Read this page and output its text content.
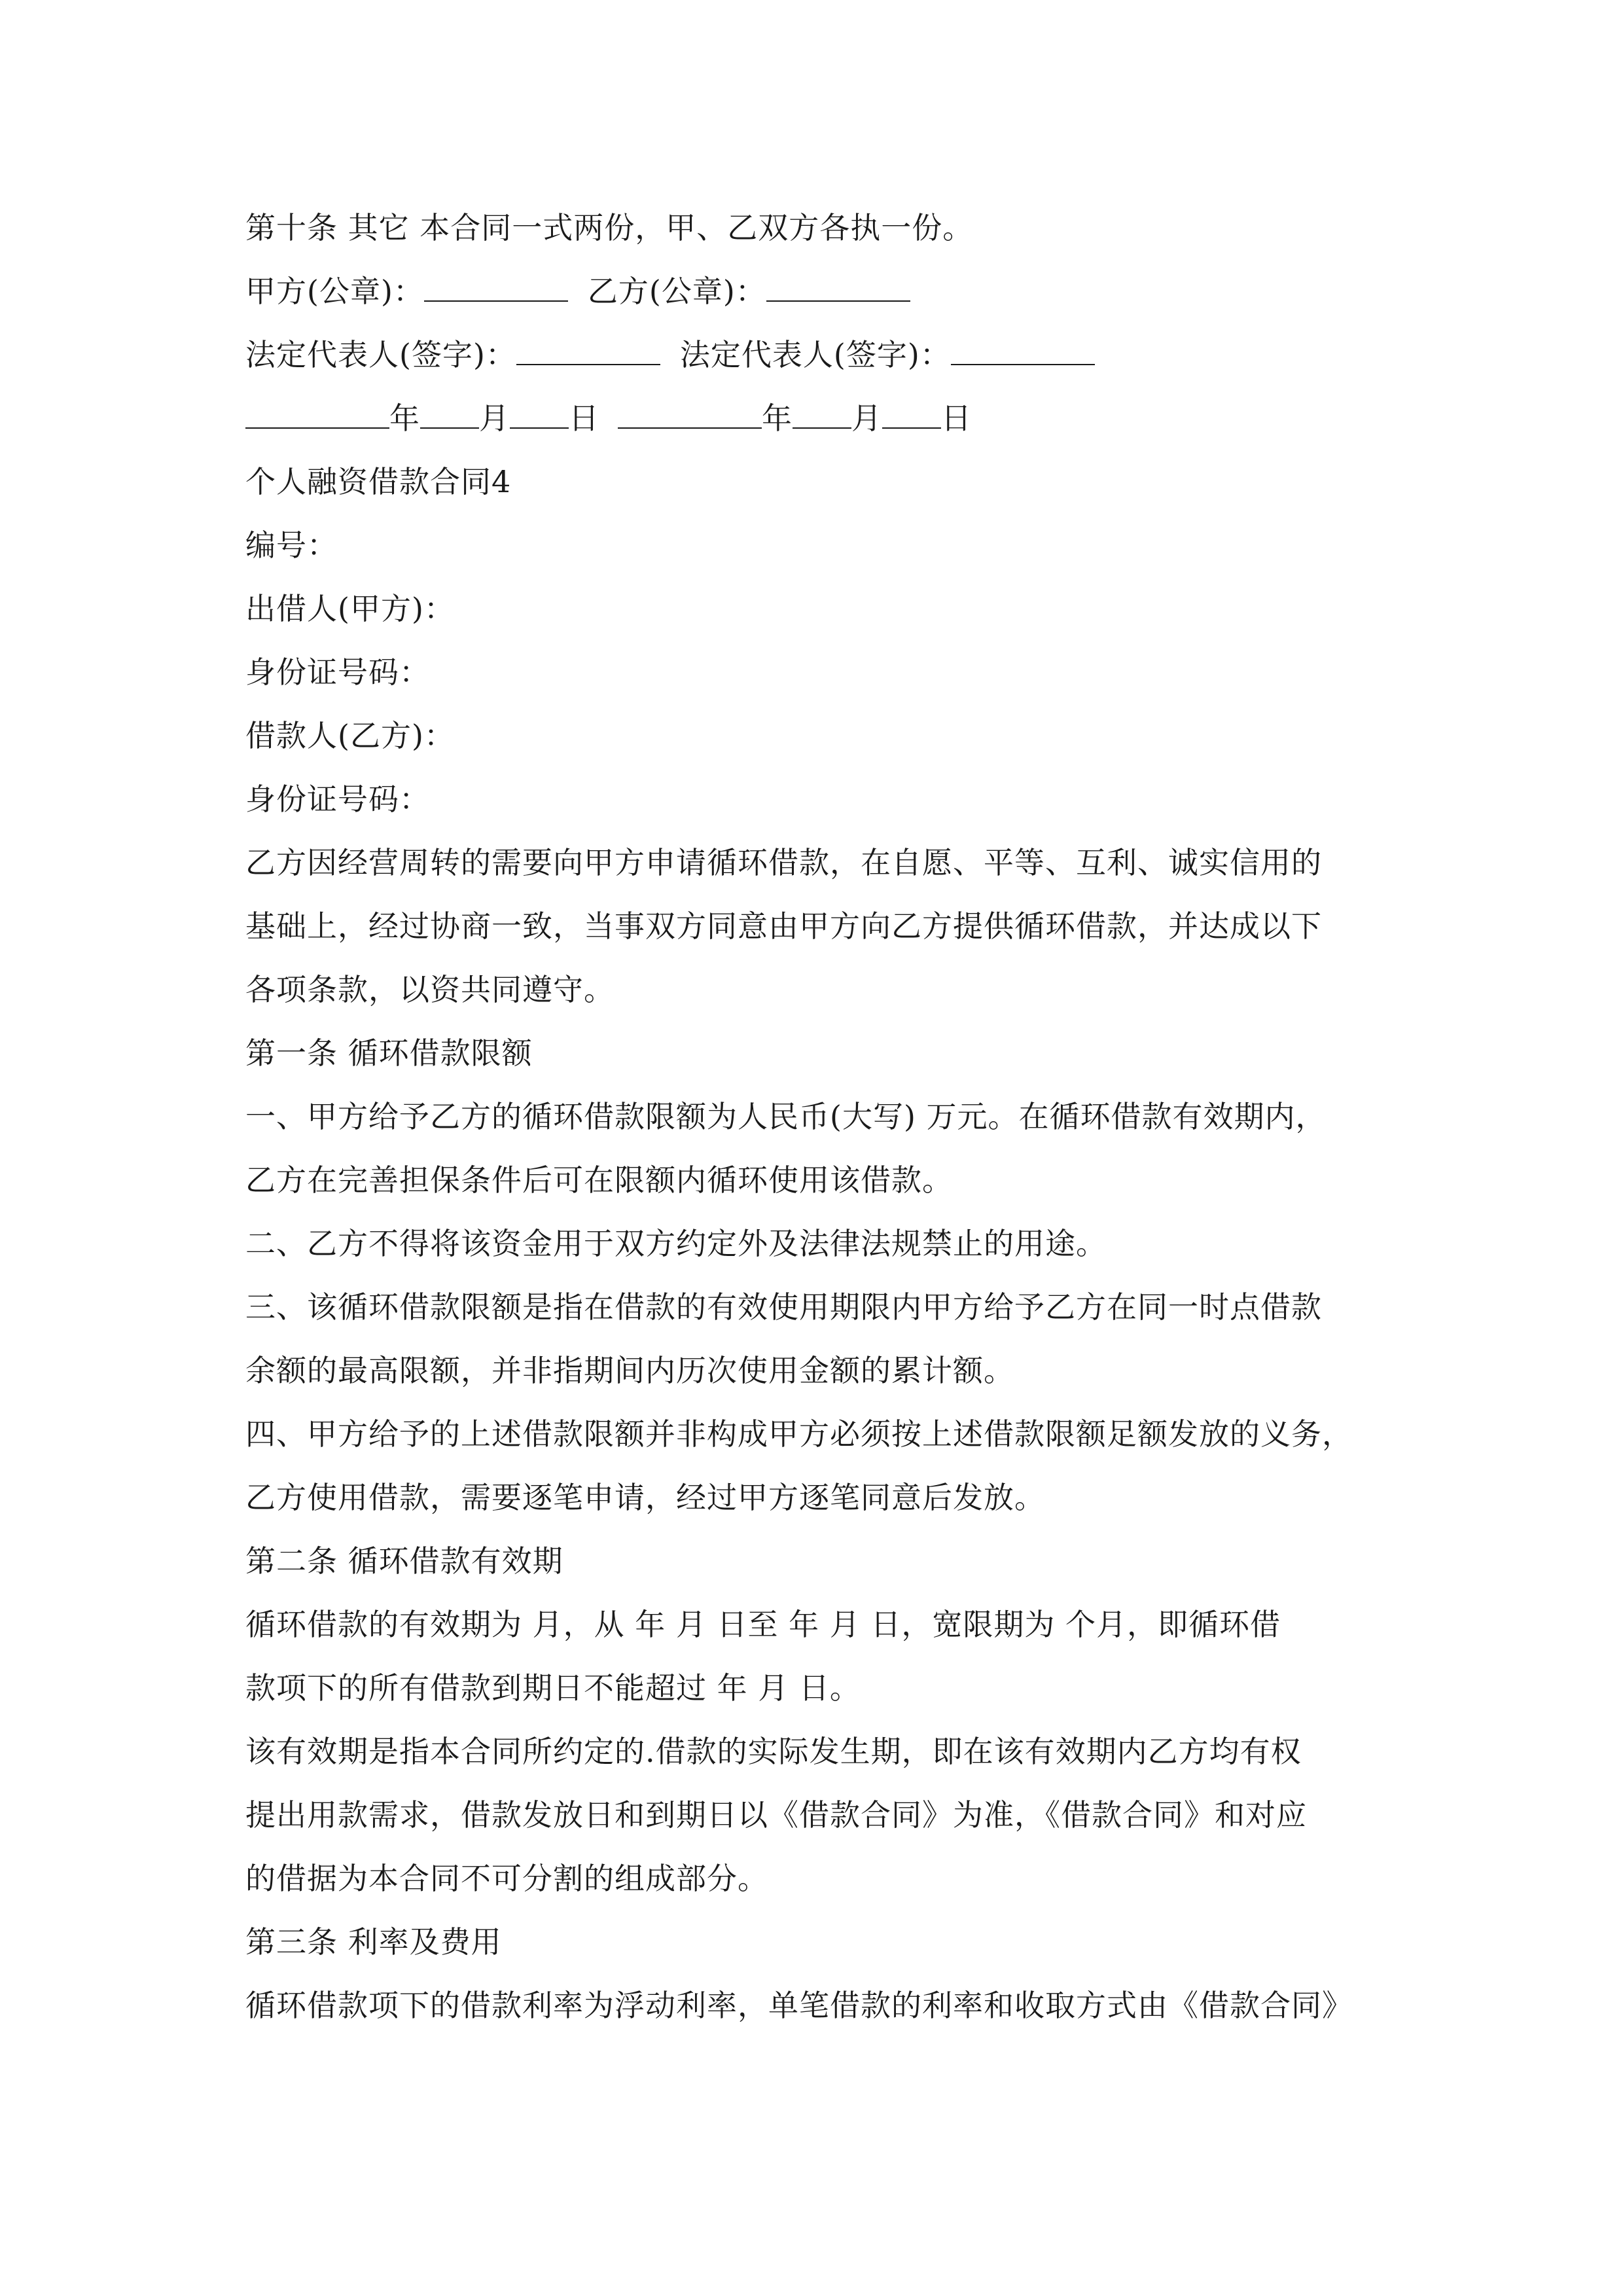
第十条 其它 本合同一式两份，甲、乙双方各执一份。
甲方(公章)：	乙方(公章)：
法定代表人(签字)：	法定代表人(签字)：
年 月 日	年 月 日
个人融资借款合同4
编号：
出借人(甲方)：
身份证号码：
借款人(乙方)：
身份证号码：
乙方因经营周转的需要向甲方申请循环借款，在自愿、平等、互利、诚实信用的
基础上，经过协商一致，当事双方同意由甲方向乙方提供循环借款，并达成以下
各项条款，以资共同遵守。
第一条 循环借款限额
一、甲方给予乙方的循环借款限额为人民币(大写) 万元。在循环借款有效期内，
乙方在完善担保条件后可在限额内循环使用该借款。
二、乙方不得将该资金用于双方约定外及法律法规禁止的用途。
三、该循环借款限额是指在借款的有效使用期限内甲方给予乙方在同一时点借款
余额的最高限额，并非指期间内历次使用金额的累计额。
四、甲方给予的上述借款限额并非构成甲方必须按上述借款限额足额发放的义务，
乙方使用借款，需要逐笔申请，经过甲方逐笔同意后发放。
第二条 循环借款有效期
循环借款的有效期为 月，从 年 月 日至 年 月 日，宽限期为 个月，即循环借
款项下的所有借款到期日不能超过 年 月 日。
该有效期是指本合同所约定的.借款的实际发生期，即在该有效期内乙方均有权
提出用款需求，借款发放日和到期日以《借款合同》为准，《借款合同》和对应
的借据为本合同不可分割的组成部分。
第三条 利率及费用
循环借款项下的借款利率为浮动利率，单笔借款的利率和收取方式由《借款合同》
